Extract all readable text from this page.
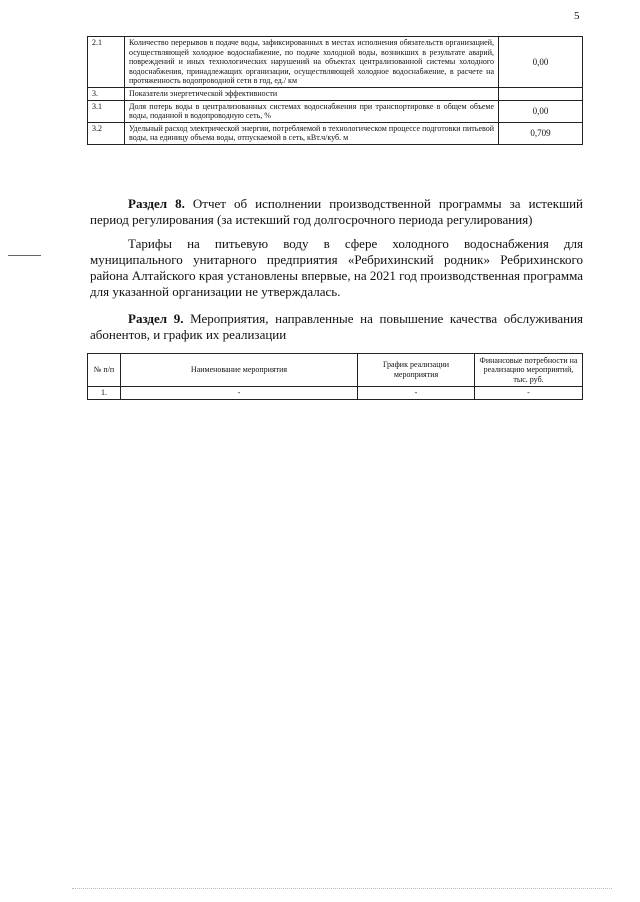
5
2.1	Количество перерывов в подаче воды, зафиксированных в местах исполнения обязательств организацией, осуществляющей холодное водоснабжение, по подаче холодной воды, возникших в результате аварий, повреждений и иных технологических нарушений на объектах централизованной системы холодного водоснабжения, принадлежащих организации, осуществляющей холодное водоснабжение, в расчете на протяженность водопроводной сети в год, ед./ км	0,00
3.	Показатели энергетической эффективности	
3.1	Доля потерь воды в централизованных системах водоснабжения при транспортировке в общем объеме воды, поданной в водопроводную сеть, %	0,00
3.2	Удельный расход электрической энергии, потребляемой в технологическом процессе подготовки питьевой воды, на единицу объема воды, отпускаемой в сеть, кВт.ч/куб. м	0,709
Раздел 8. Отчет об исполнении производственной программы за истекший период регулирования (за истекший год долгосрочного периода регулирования)
Тарифы на питьевую воду в сфере холодного водоснабжения для муниципального унитарного предприятия «Ребрихинский родник» Ребрихинского района Алтайского края установлены впервые, на 2021 год производственная программа для указанной организации не утверждалась.
Раздел 9. Мероприятия, направленные на повышение качества обслуживания абонентов, и график их реализации
№ п/п	Наименование мероприятия	График реализации мероприятия	Финансовые потребности на реализацию мероприятий, тыс. руб.
1.	-	-	-
